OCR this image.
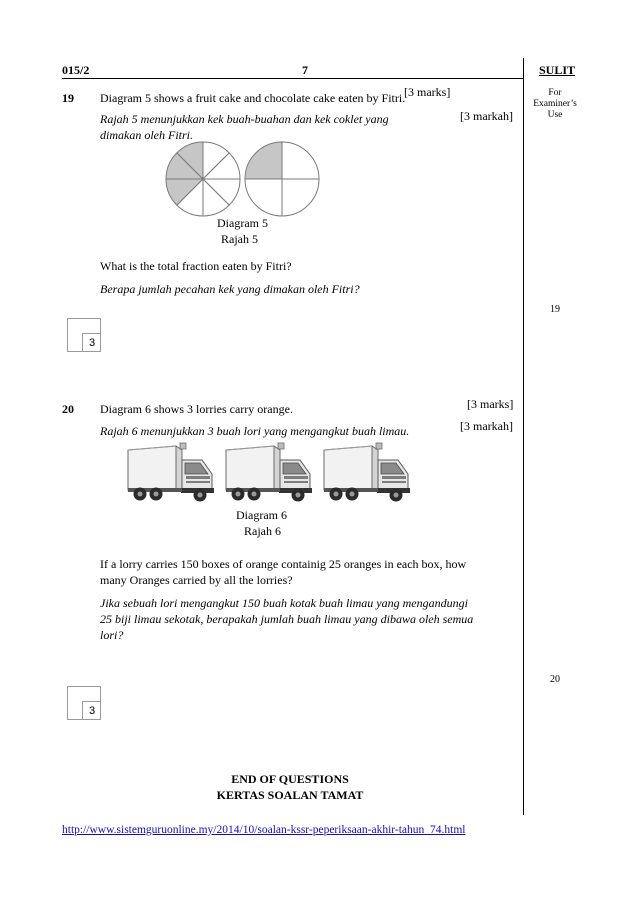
015/2	7	SULIT
For
Examiner’s
Use
19
20
19 Diagram 5 shows a fruit cake and chocolate cake eaten by Fitri.
[3 marks]
[3 markah]
Rajah 5 menunjukkan kek buah-buahan dan kek coklet yang
dimakan oleh Fitri.
Diagram 5
Rajah 5
What is the total fraction eaten by Fitri?
Berapa jumlah pecahan kek yang dimakan oleh Fitri?
3
20 Diagram 6 shows 3 lorries carry orange.	[3 marks]
[3 markah]
Rajah 6 menunjukkan 3 buah lori yang mengangkut buah limau.
Diagram 6
Rajah 6
If a lorry carries 150 boxes of orange containig 25 oranges in each box, how
many Oranges carried by all the lorries?
Jika sebuah lori mengangkut 150 buah kotak buah limau yang mengandungi
25 biji limau sekotak, berapakah jumlah buah limau yang dibawa oleh semua
lori?
3
END OF QUESTIONS
KERTAS SOALAN TAMAT
http://www.sistemguruonline.my/2014/10/soalan-kssr-peperiksaan-akhir-tahun_74.html
